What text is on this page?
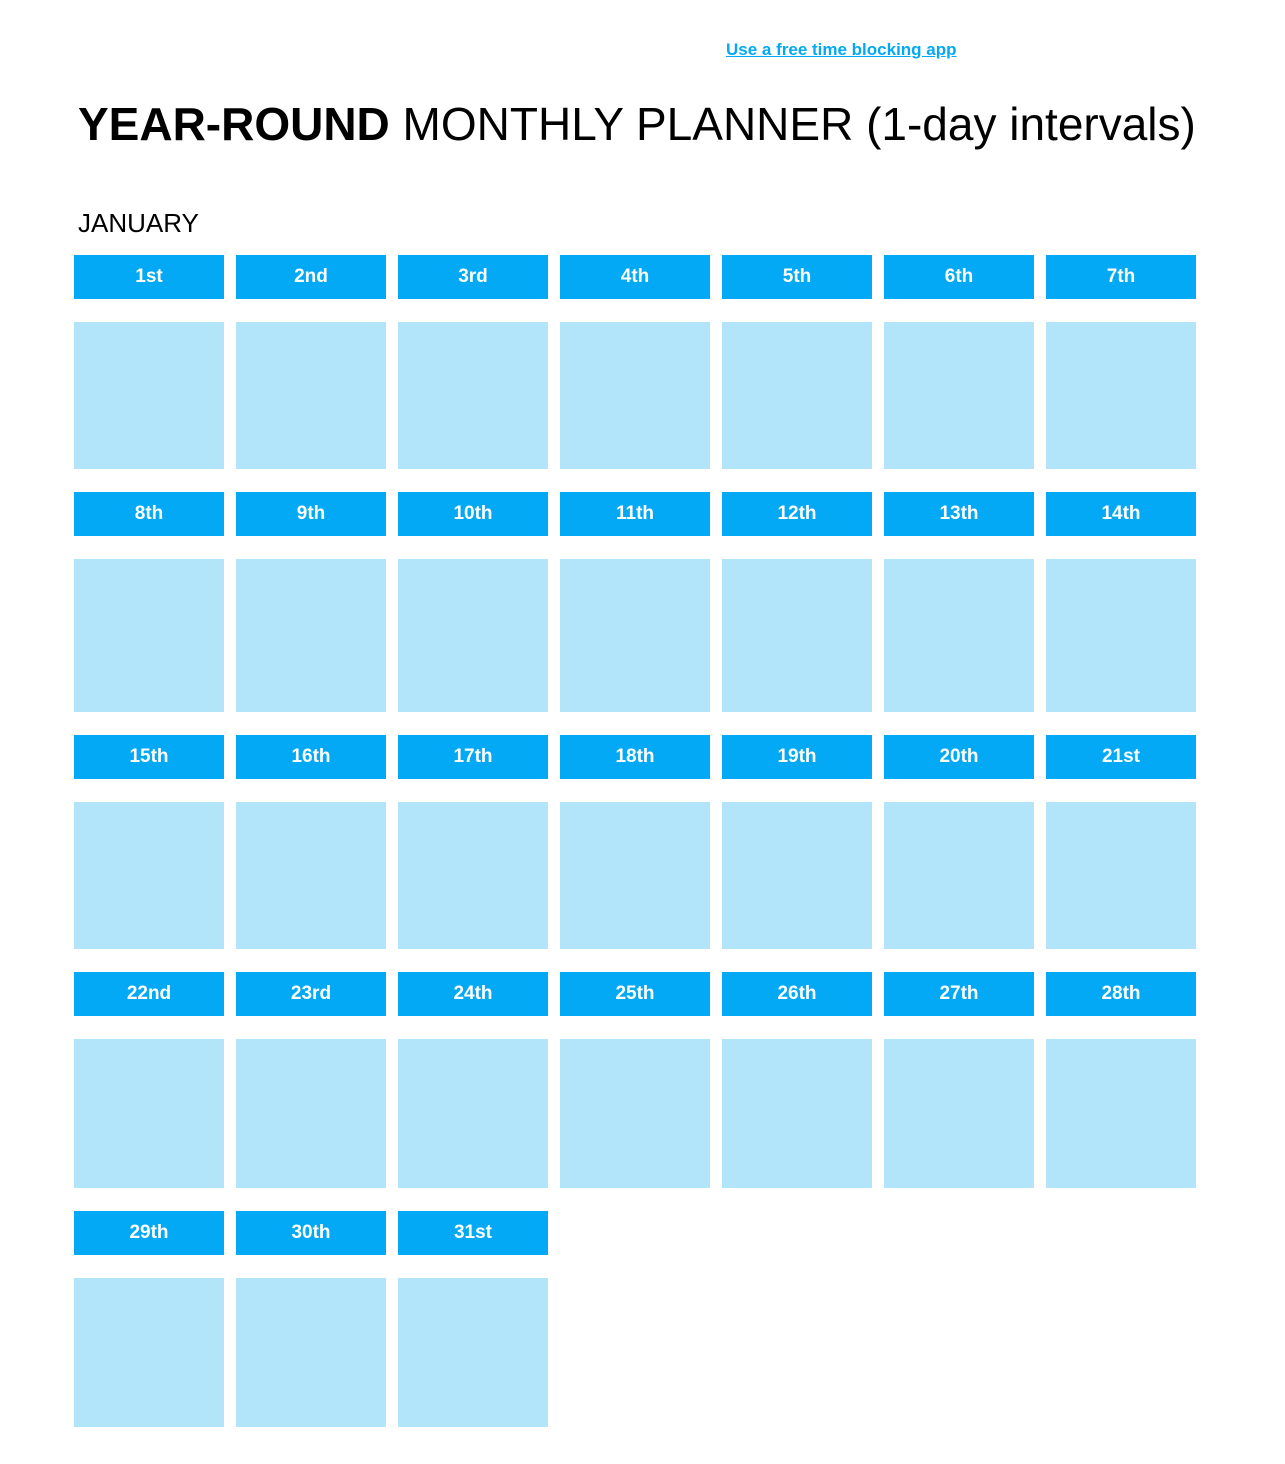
Use a free time blocking app
YEAR-ROUND MONTHLY PLANNER (1-day intervals)
JANUARY
1st	2nd	3rd	4th	5th	6th	7th
8th	9th	10th	11th	12th	13th	14th
15th	16th	17th	18th	19th	20th	21st
22nd	23rd	24th	25th	26th	27th	28th
29th	30th	31st
